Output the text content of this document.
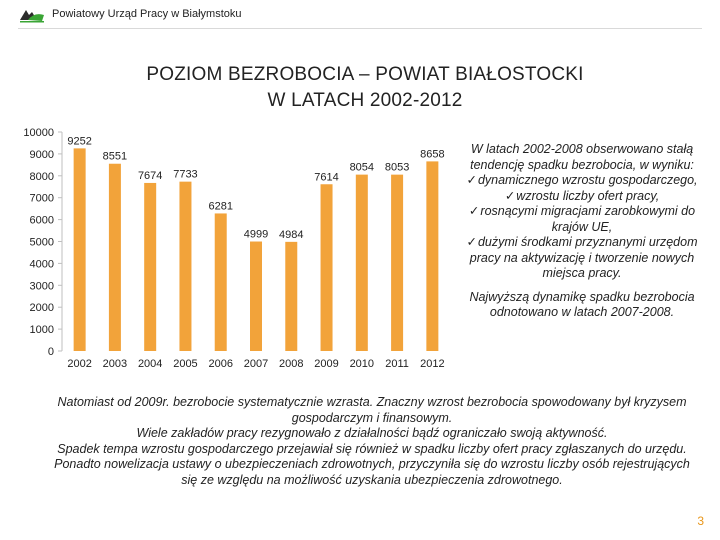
Powiatowy Urząd Pracy w Białymstoku
POZIOM BEZROBOCIA – POWIAT BIAŁOSTOCKI
W LATACH 2002-2012
0
1000
2000
3000
4000
5000
6000
7000
8000
9000
10000
9252
2002
8551
2003
7674
2004
7733
2005
6281
2006
4999
2007
4984
2008
7614
2009
8054
2010
8053
2011
8658
2012

W latach 2002-2008 obserwowano stałą tendencję spadku bezrobocia, w wyniku:

✓ dynamicznego wzrostu gospodarczego,
✓ wzrostu liczby ofert pracy,
✓ rosnącymi migracjami zarobkowymi do krajów UE,
✓ dużymi środkami przyznanymi urzędom pracy na aktywizację i tworzenie nowych miejsca pracy.

Najwyższą dynamikę spadku bezrobocia odnotowano w latach 2007-2008.

Natomiast od 2009r. bezrobocie systematycznie wzrasta. Znaczny wzrost bezrobocia spowodowany był kryzysem gospodarczym i finansowym.

Wiele zakładów pracy rezygnowało z działalności bądź ograniczało swoją aktywność.

Spadek tempa wzrostu gospodarczego przejawiał się również w spadku liczby ofert pracy zgłaszanych do urzędu.

Ponadto nowelizacja ustawy o ubezpieczeniach zdrowotnych, przyczyniła się do wzrostu liczby osób rejestrujących się ze względu na możliwość uzyskania ubezpieczenia zdrowotnego.

3
